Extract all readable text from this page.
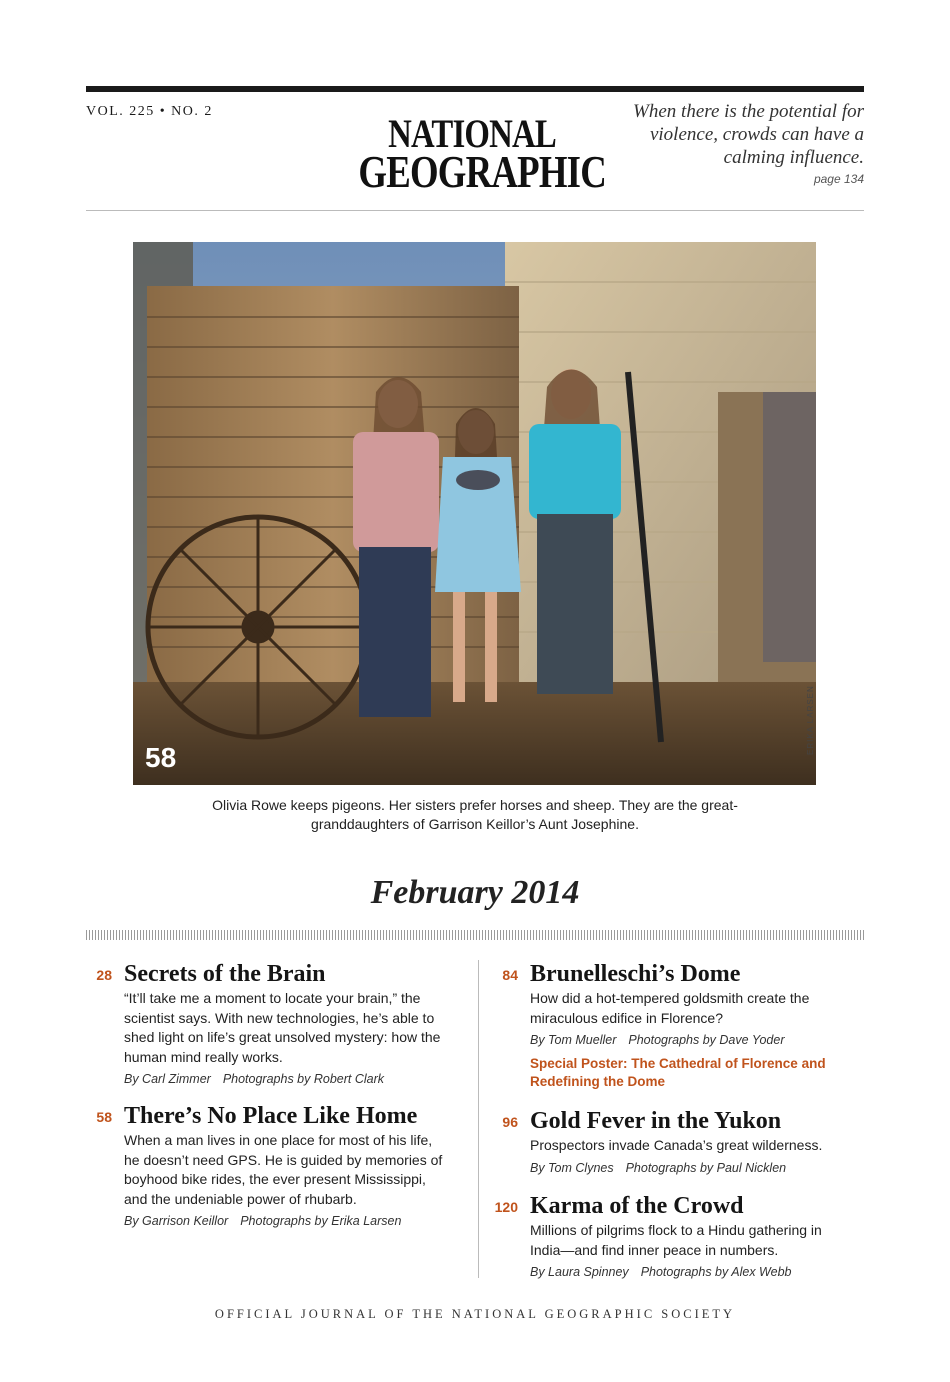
VOL. 225 • NO. 2	NATIONAL
GEOGRAPHIC
When there is the potential for violence, crowds can have a calming influence.
page 134
58
ERIKA LARSEN
Olivia Rowe keeps pigeons. Her sisters prefer horses and sheep. They are the great-granddaughters of Garrison Keillor’s Aunt Josephine.
February 2014
28 Secrets of the Brain
“It’ll take me a moment to locate your brain,” the scientist says. With new technologies, he’s able to shed light on life’s great unsolved mystery: how the human mind really works.
By Carl Zimmer Photographs by Robert Clark
58 There’s No Place Like Home
When a man lives in one place for most of his life, he doesn’t need GPS. He is guided by memories of boyhood bike rides, the ever present Mississippi, and the undeniable power of rhubarb.
By Garrison Keillor Photographs by Erika Larsen
84 Brunelleschi’s Dome
How did a hot-tempered goldsmith create the miraculous edifice in Florence?
By Tom Mueller Photographs by Dave Yoder
Special Poster: The Cathedral of Florence and Redefining the Dome
96 Gold Fever in the Yukon
Prospectors invade Canada’s great wilderness.
By Tom Clynes Photographs by Paul Nicklen
120 Karma of the Crowd
Millions of pilgrims flock to a Hindu gathering in India—and find inner peace in numbers.
By Laura Spinney Photographs by Alex Webb
OFFICIAL JOURNAL OF THE NATIONAL GEOGRAPHIC SOCIETY
